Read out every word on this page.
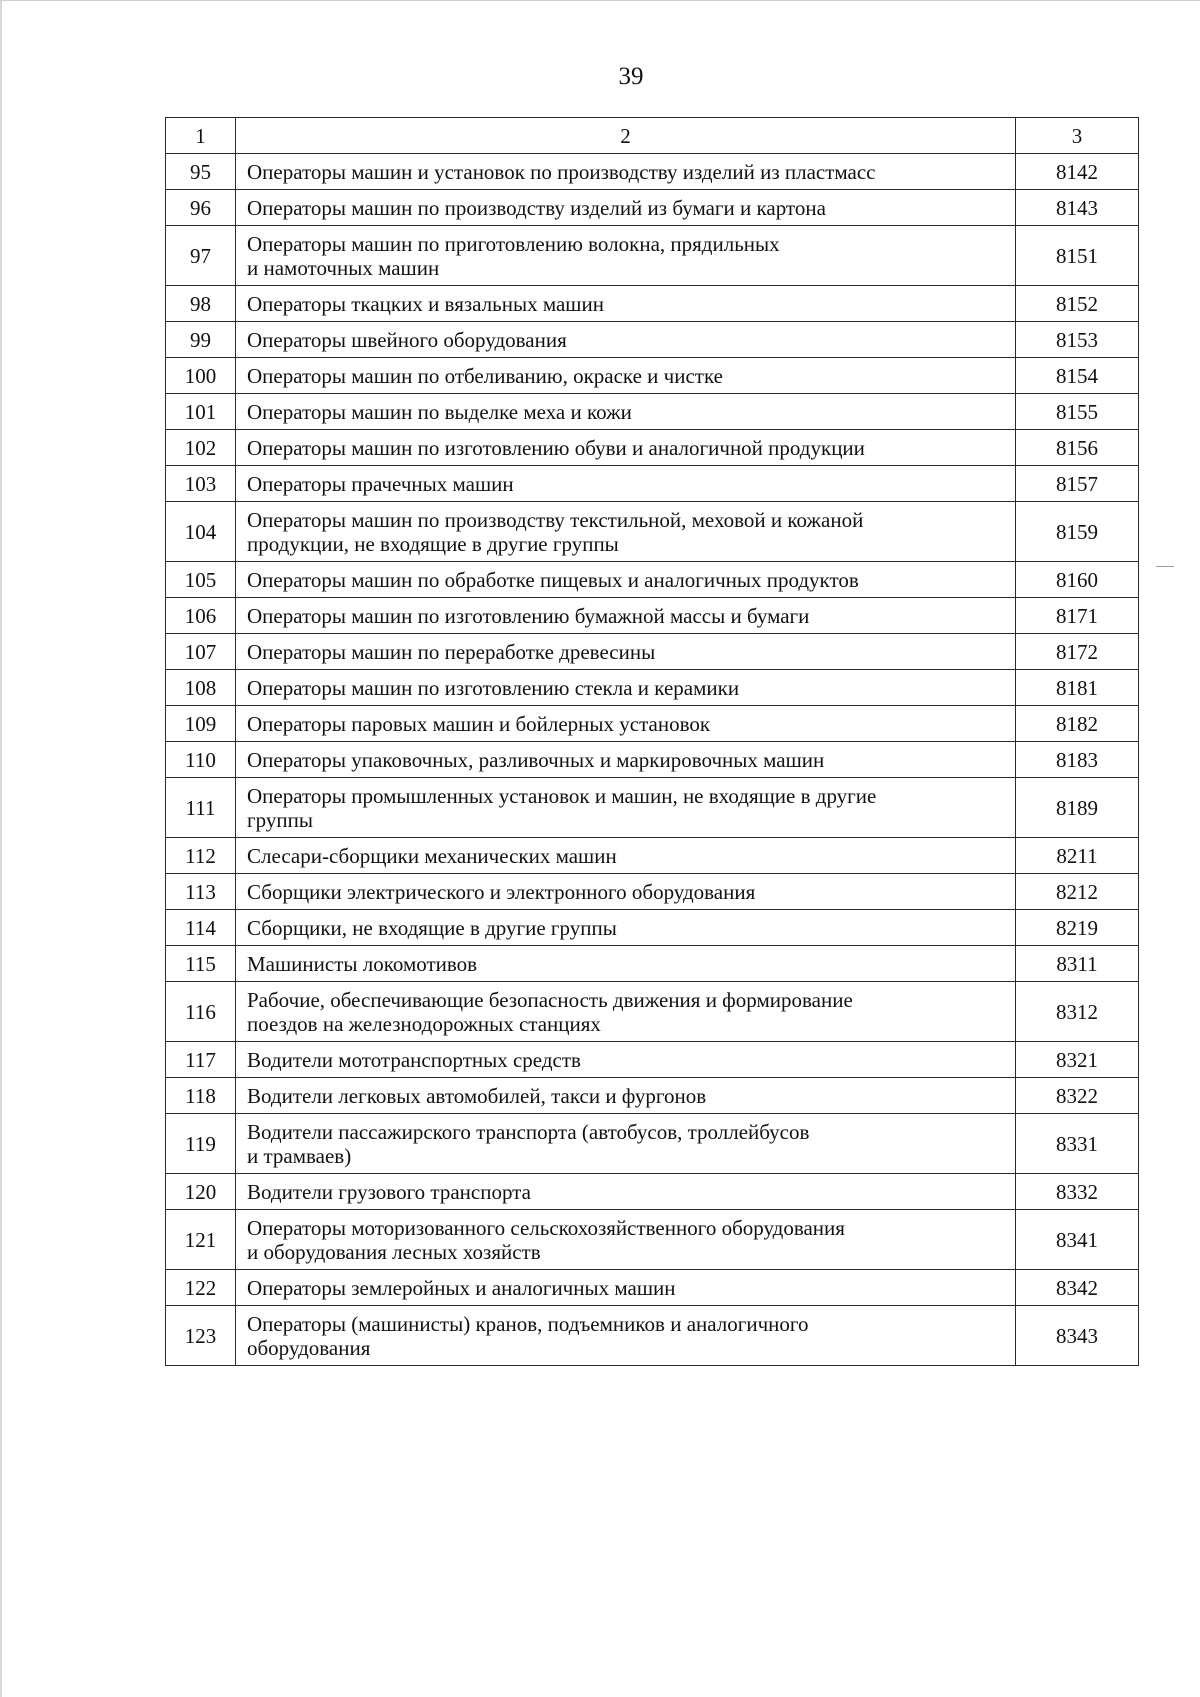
39
1	2	3
95	Операторы машин и установок по производству изделий из пластмасс	8142
96	Операторы машин по производству изделий из бумаги и картона	8143
97	Операторы машин по приготовлению волокна, прядильных
и намоточных машин	8151
98	Операторы ткацких и вязальных машин	8152
99	Операторы швейного оборудования	8153
100	Операторы машин по отбеливанию, окраске и чистке	8154
101	Операторы машин по выделке меха и кожи	8155
102	Операторы машин по изготовлению обуви и аналогичной продукции	8156
103	Операторы прачечных машин	8157
104	Операторы машин по производству текстильной, меховой и кожаной
продукции, не входящие в другие группы	8159
105	Операторы машин по обработке пищевых и аналогичных продуктов	8160
106	Операторы машин по изготовлению бумажной массы и бумаги	8171
107	Операторы машин по переработке древесины	8172
108	Операторы машин по изготовлению стекла и керамики	8181
109	Операторы паровых машин и бойлерных установок	8182
110	Операторы упаковочных, разливочных и маркировочных машин	8183
111	Операторы промышленных установок и машин, не входящие в другие
группы	8189
112	Слесари-сборщики механических машин	8211
113	Сборщики электрического и электронного оборудования	8212
114	Сборщики, не входящие в другие группы	8219
115	Машинисты локомотивов	8311
116	Рабочие, обеспечивающие безопасность движения и формирование
поездов на железнодорожных станциях	8312
117	Водители мототранспортных средств	8321
118	Водители легковых автомобилей, такси и фургонов	8322
119	Водители пассажирского транспорта (автобусов, троллейбусов
и трамваев)	8331
120	Водители грузового транспорта	8332
121	Операторы моторизованного сельскохозяйственного оборудования
и оборудования лесных хозяйств	8341
122	Операторы землеройных и аналогичных машин	8342
123	Операторы (машинисты) кранов, подъемников и аналогичного
оборудования	8343
